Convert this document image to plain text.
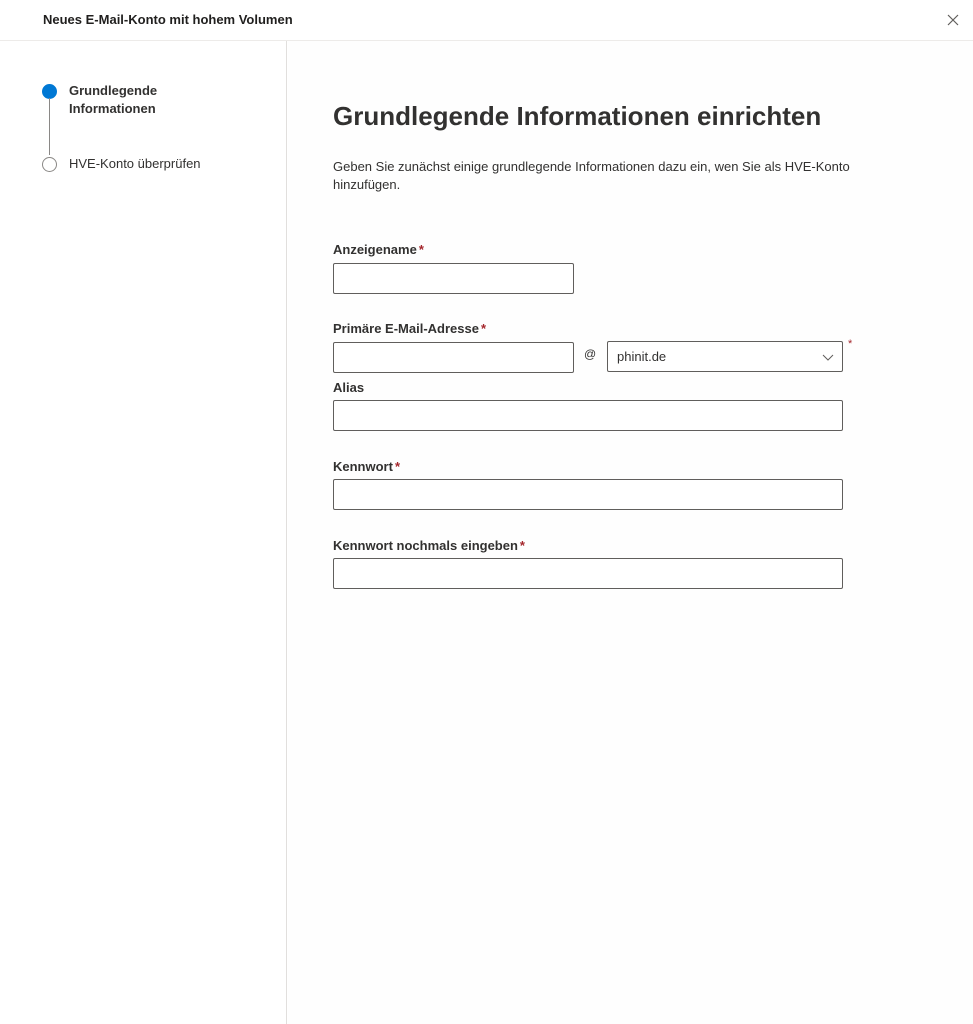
Neues E-Mail-Konto mit hohem Volumen
Grundlegende Informationen
HVE-Konto überprüfen
Grundlegende Informationen einrichten
Geben Sie zunächst einige grundlegende Informationen dazu ein, wen Sie als HVE-Konto hinzufügen.
Anzeigename *
Primäre E-Mail-Adresse *
@ phinit.de
*
Alias
Kennwort *
Kennwort nochmals eingeben *
